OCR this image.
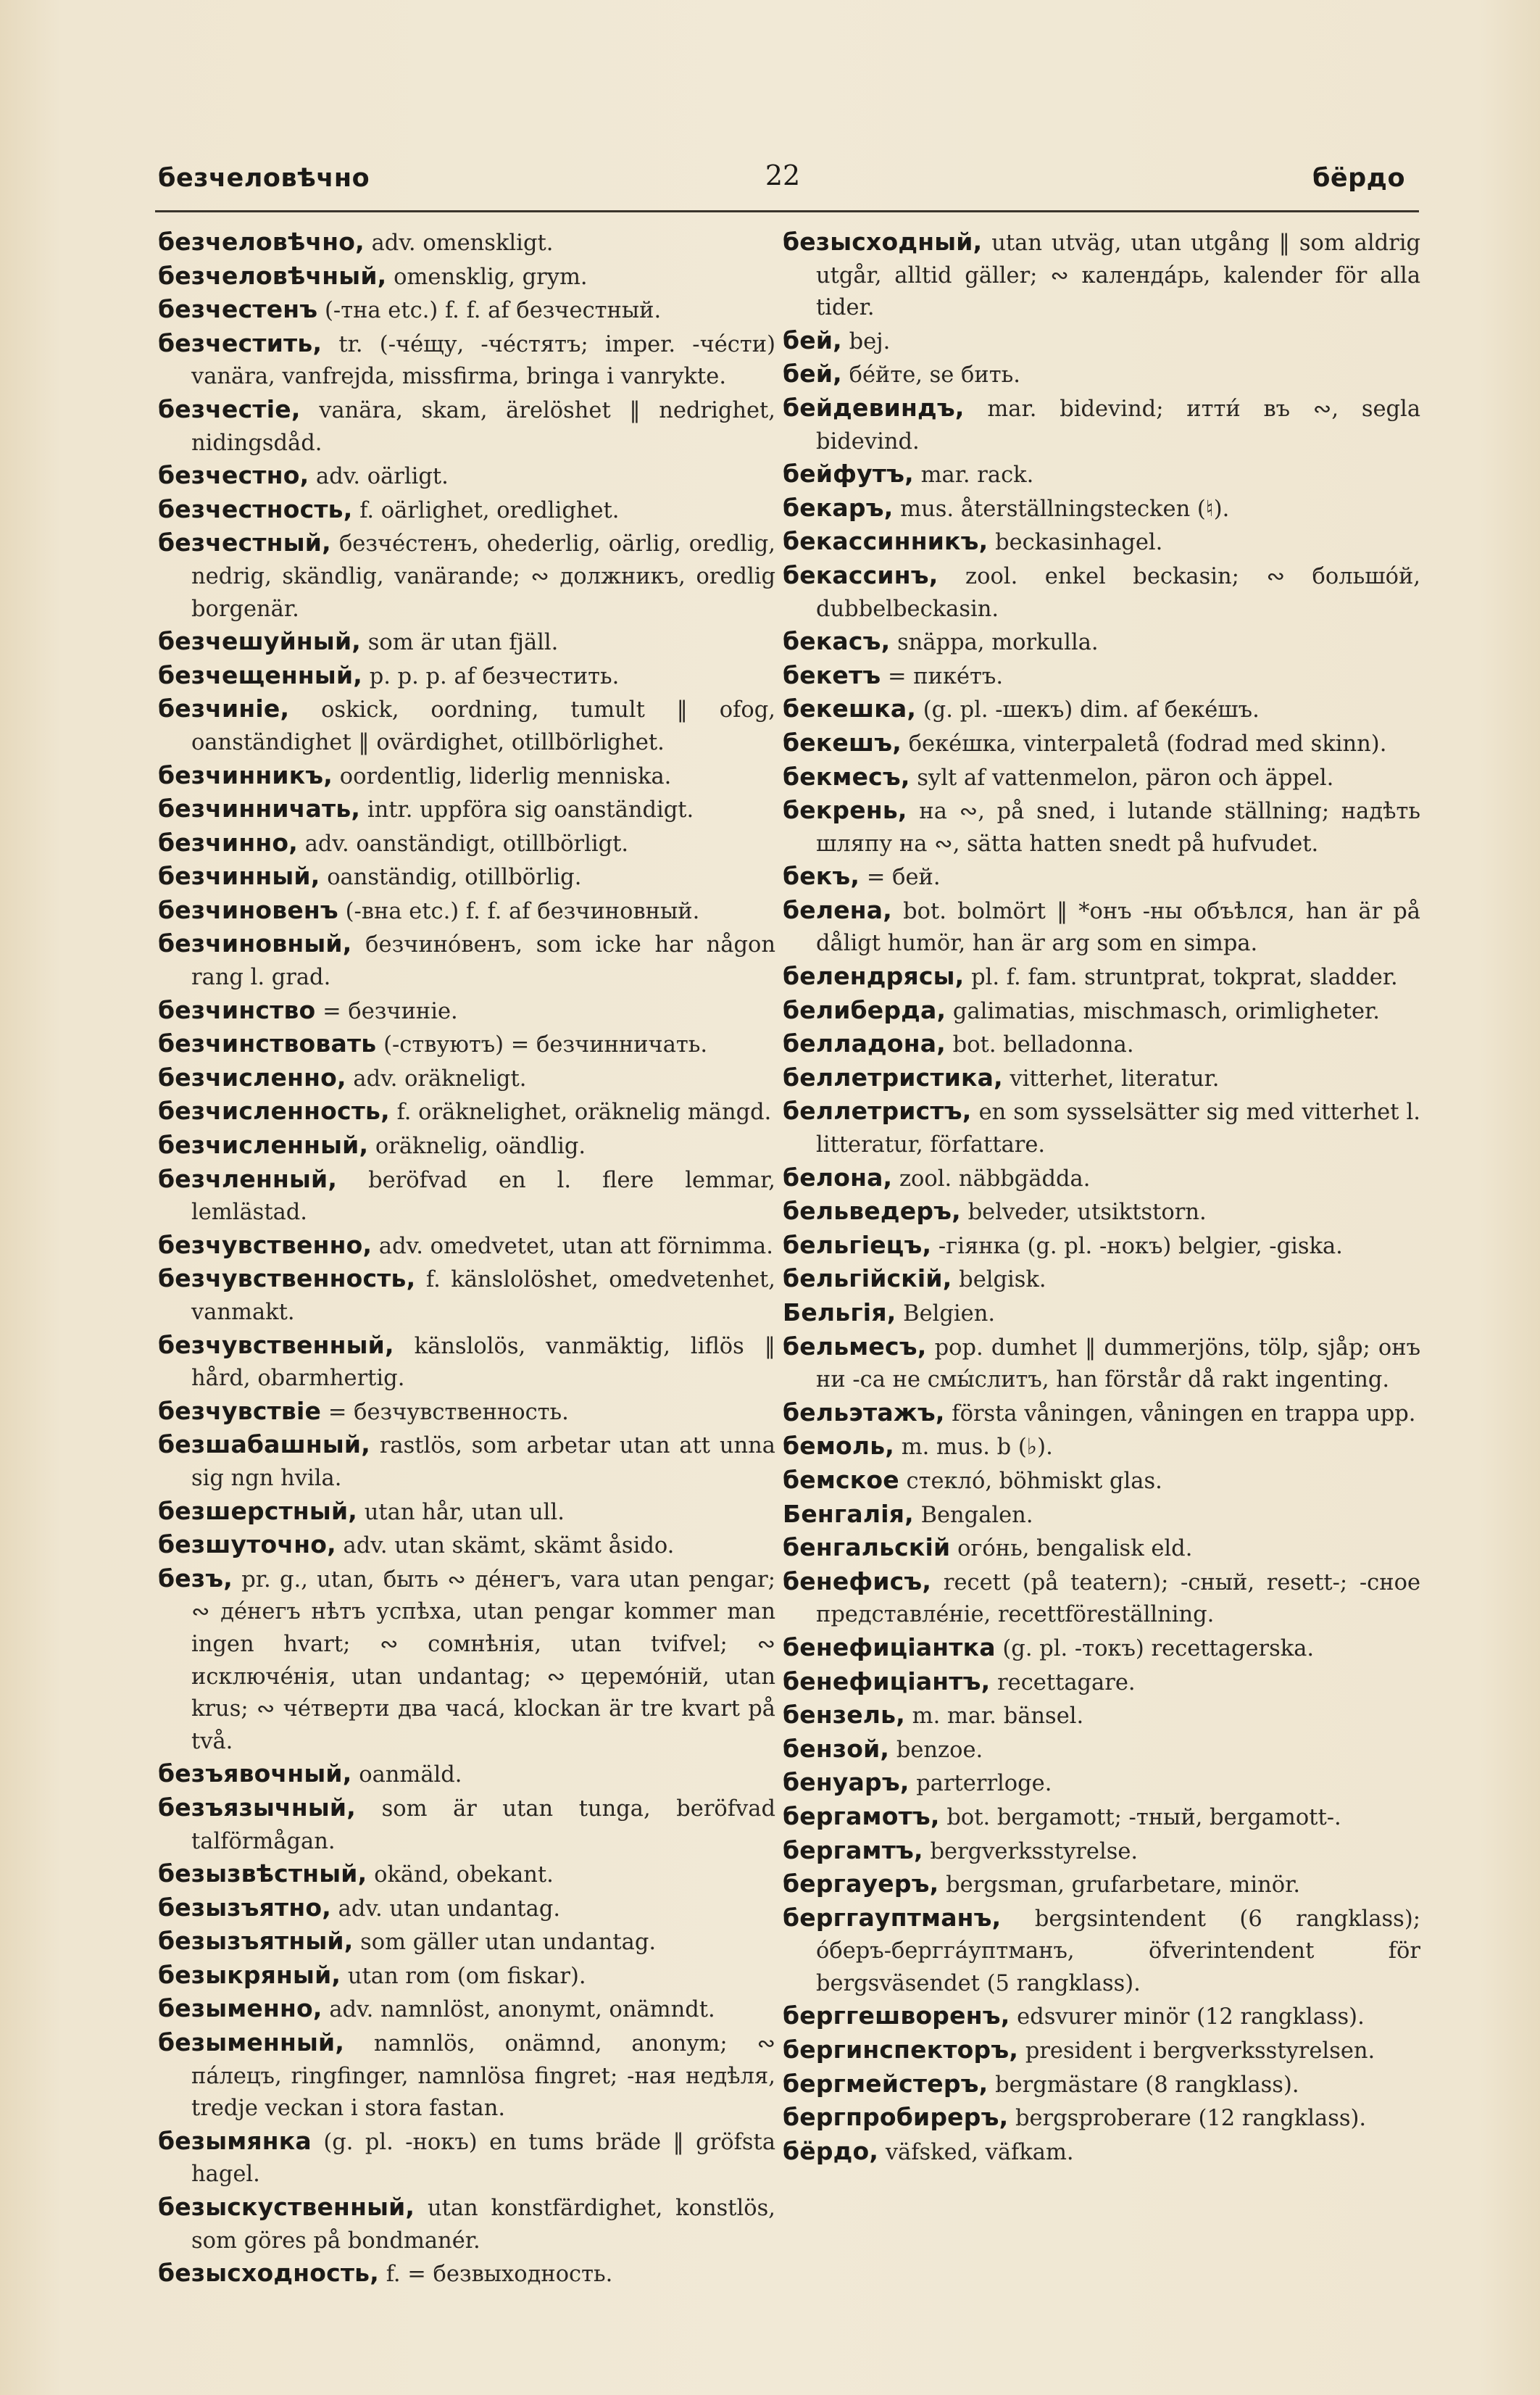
безчеловѣчно	22	бёрдо

безчеловѣчно, adv. omenskligt.

безчеловѣчный, omensklig, grym.

безчестенъ (-тна etc.) f. f. af безчестный.

безчестить, tr. (-чéщу, -чéстятъ; imper. -чéсти) vanära, vanfrejda, missfirma, bringa i vanrykte.

безчестіе, vanära, skam, ärelöshet ‖ nedrighet, nidingsdåd.

безчестно, adv. oärligt.

безчестность, f. oärlighet, oredlighet.

безчестный, безчéстенъ, ohederlig, oärlig, oredlig, nedrig, skändlig, vanärande; ∾ должникъ, oredlig borgenär.

безчешуйный, som är utan fjäll.

безчещенный, p. p. p. af безчестить.

безчиніе, oskick, oordning, tumult ‖ ofog, oanständighet ‖ ovärdighet, otillbörlighet.

безчинникъ, oordentlig, liderlig menniska.

безчинничать, intr. uppföra sig oanständigt.

безчинно, adv. oanständigt, otillbörligt.

безчинный, oanständig, otillbörlig.

безчиновенъ (-вна etc.) f. f. af безчиновный.

безчиновный, безчинóвенъ, som icke har någon rang l. grad.

безчинство = безчиніе.

безчинствовать (-ствуютъ) = безчинничать.

безчисленно, adv. oräkneligt.

безчисленность, f. oräknelighet, oräknelig mängd.

безчисленный, oräknelig, oändlig.

безчленный, beröfvad en l. flere lemmar, lemlästad.

безчувственно, adv. omedvetet, utan att förnimma.

безчувственность, f. känslolöshet, omedvetenhet, vanmakt.

безчувственный, känslolös, vanmäktig, liflös ‖ hård, obarmhertig.

безчувствіе = безчувственность.

безшабашный, rastlös, som arbetar utan att unna sig ngn hvila.

безшерстный, utan hår, utan ull.

безшуточно, adv. utan skämt, skämt åsido.

безъ, pr. g., utan, быть ∾ дéнегъ, vara utan pengar; ∾ дéнегъ нѣтъ успѣха, utan pengar kommer man ingen hvart; ∾ сомнѣнія, utan tvifvel; ∾ исключéнія, utan undantag; ∾ церемóній, utan krus; ∾ чéтверти два часá, klockan är tre kvart på två.

безъявочный, oanmäld.

безъязычный, som är utan tunga, beröfvad talförmågan.

безызвѣстный, okänd, obekant.

безызъятно, adv. utan undantag.

безызъятный, som gäller utan undantag.

безыкряный, utan rom (om fiskar).

безыменно, adv. namnlöst, anonymt, onämndt.

безыменный, namnlös, onämnd, anonym; ∾ пáлецъ, ringfinger, namnlösa fingret; -ная недѣля, tredje veckan i stora fastan.

безымянка (g. pl. -нокъ) en tums bräde ‖ gröfsta hagel.

безыскуственный, utan konstfärdighet, konstlös, som göres på bondmanér.

безысходность, f. = безвыходность.

безысходный, utan utväg, utan utgång ‖ som aldrig utgår, alltid gäller; ∾ календáрь, kalender för alla tider.

бей, bej.

бей, бéйте, se бить.

бейдевиндъ, mar. bidevind; итти́ въ ∾, segla bidevind.

бейфутъ, mar. rack.

бекаръ, mus. återställningstecken (♮).

бекассинникъ, beckasinhagel.

бекассинъ, zool. enkel beckasin; ∾ большóй, dubbelbeckasin.

бекасъ, snäppa, morkulla.

бекетъ = пикéтъ.

бекешка, (g. pl. -шекъ) dim. af бекéшъ.

бекешъ, бекéшка, vinterpaletå (fodrad med skinn).

бекмесъ, sylt af vattenmelon, päron och äppel.

бекрень, на ∾, på sned, i lutande ställning; надѣть шляпу на ∾, sätta hatten snedt på hufvudet.

бекъ, = бей.

белена, bot. bolmört ‖ *онъ -ны объѣлся, han är på dåligt humör, han är arg som en simpa.

белендрясы, pl. f. fam. struntprat, tokprat, sladder.

белиберда, galimatias, mischmasch, orimligheter.

белладона, bot. belladonna.

беллетристика, vitterhet, literatur.

беллетристъ, en som sysselsätter sig med vitterhet l. litteratur, författare.

белона, zool. näbbgädda.

бельведеръ, belveder, utsiktstorn.

бельгіецъ, -гіянка (g. pl. -нокъ) belgier, -giska.

бельгійскій, belgisk.

Бельгія, Belgien.

бельмесъ, pop. dumhet ‖ dummerjöns, tölp, sjåp; онъ ни -са не смы́слитъ, han förstår då rakt ingenting.

бельэтажъ, första våningen, våningen en trappa upp.

бемоль, m. mus. b (♭).

бемское стекло́, böhmiskt glas.

Бенгалія, Bengalen.

бенгальскій огóнь, bengalisk eld.

бенефисъ, recett (på teatern); -сный, resett-; -сное представлéніе, recettföreställning.

бенефиціантка (g. pl. -токъ) recettagerska.

бенефиціантъ, recettagare.

бензель, m. mar. bänsel.

бензой, benzoe.

бенуаръ, parterrloge.

бергамотъ, bot. bergamott; -тный, bergamott-.

бергамтъ, bergverksstyrelse.

бергауеръ, bergsman, grufarbetare, minör.

берггауптманъ, bergsintendent (6 rangklass); óберъ-берггáуптманъ, öfverintendent för bergsväsendet (5 rangklass).

берггешворенъ, edsvurer minör (12 rangklass).

бергинспекторъ, president i bergverksstyrelsen.

бергмейстеръ, bergmästare (8 rangklass).

бергпробиреръ, bergsproberare (12 rangklass).

бёрдо, väfsked, väfkam.
